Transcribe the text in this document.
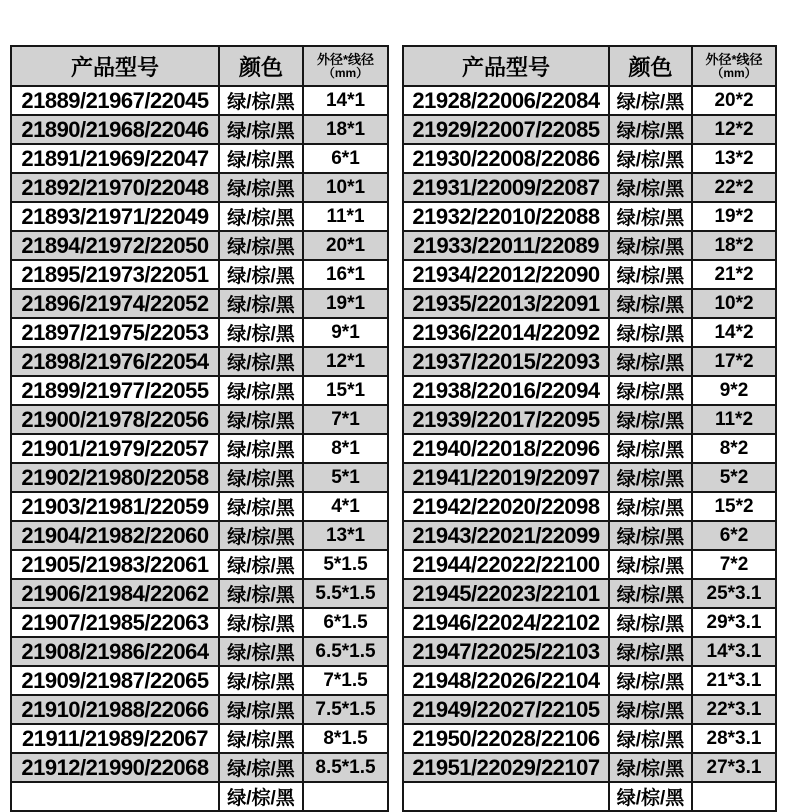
产品型号	颜色	外径*线径
（mm）

21889/21967/22045	绿/棕/黑	14*1
21890/21968/22046	绿/棕/黑	18*1
21891/21969/22047	绿/棕/黑	6*1
21892/21970/22048	绿/棕/黑	10*1
21893/21971/22049	绿/棕/黑	11*1
21894/21972/22050	绿/棕/黑	20*1
21895/21973/22051	绿/棕/黑	16*1
21896/21974/22052	绿/棕/黑	19*1
21897/21975/22053	绿/棕/黑	9*1
21898/21976/22054	绿/棕/黑	12*1
21899/21977/22055	绿/棕/黑	15*1
21900/21978/22056	绿/棕/黑	7*1
21901/21979/22057	绿/棕/黑	8*1
21902/21980/22058	绿/棕/黑	5*1
21903/21981/22059	绿/棕/黑	4*1
21904/21982/22060	绿/棕/黑	13*1
21905/21983/22061	绿/棕/黑	5*1.5
21906/21984/22062	绿/棕/黑	5.5*1.5
21907/21985/22063	绿/棕/黑	6*1.5
21908/21986/22064	绿/棕/黑	6.5*1.5
21909/21987/22065	绿/棕/黑	7*1.5
21910/21988/22066	绿/棕/黑	7.5*1.5
21911/21989/22067	绿/棕/黑	8*1.5
21912/21990/22068	绿/棕/黑	8.5*1.5
	绿/棕/黑	
产品型号	颜色	外径*线径
（mm）

21928/22006/22084	绿/棕/黑	20*2
21929/22007/22085	绿/棕/黑	12*2
21930/22008/22086	绿/棕/黑	13*2
21931/22009/22087	绿/棕/黑	22*2
21932/22010/22088	绿/棕/黑	19*2
21933/22011/22089	绿/棕/黑	18*2
21934/22012/22090	绿/棕/黑	21*2
21935/22013/22091	绿/棕/黑	10*2
21936/22014/22092	绿/棕/黑	14*2
21937/22015/22093	绿/棕/黑	17*2
21938/22016/22094	绿/棕/黑	9*2
21939/22017/22095	绿/棕/黑	11*2
21940/22018/22096	绿/棕/黑	8*2
21941/22019/22097	绿/棕/黑	5*2
21942/22020/22098	绿/棕/黑	15*2
21943/22021/22099	绿/棕/黑	6*2
21944/22022/22100	绿/棕/黑	7*2
21945/22023/22101	绿/棕/黑	25*3.1
21946/22024/22102	绿/棕/黑	29*3.1
21947/22025/22103	绿/棕/黑	14*3.1
21948/22026/22104	绿/棕/黑	21*3.1
21949/22027/22105	绿/棕/黑	22*3.1
21950/22028/22106	绿/棕/黑	28*3.1
21951/22029/22107	绿/棕/黑	27*3.1
	绿/棕/黑	
